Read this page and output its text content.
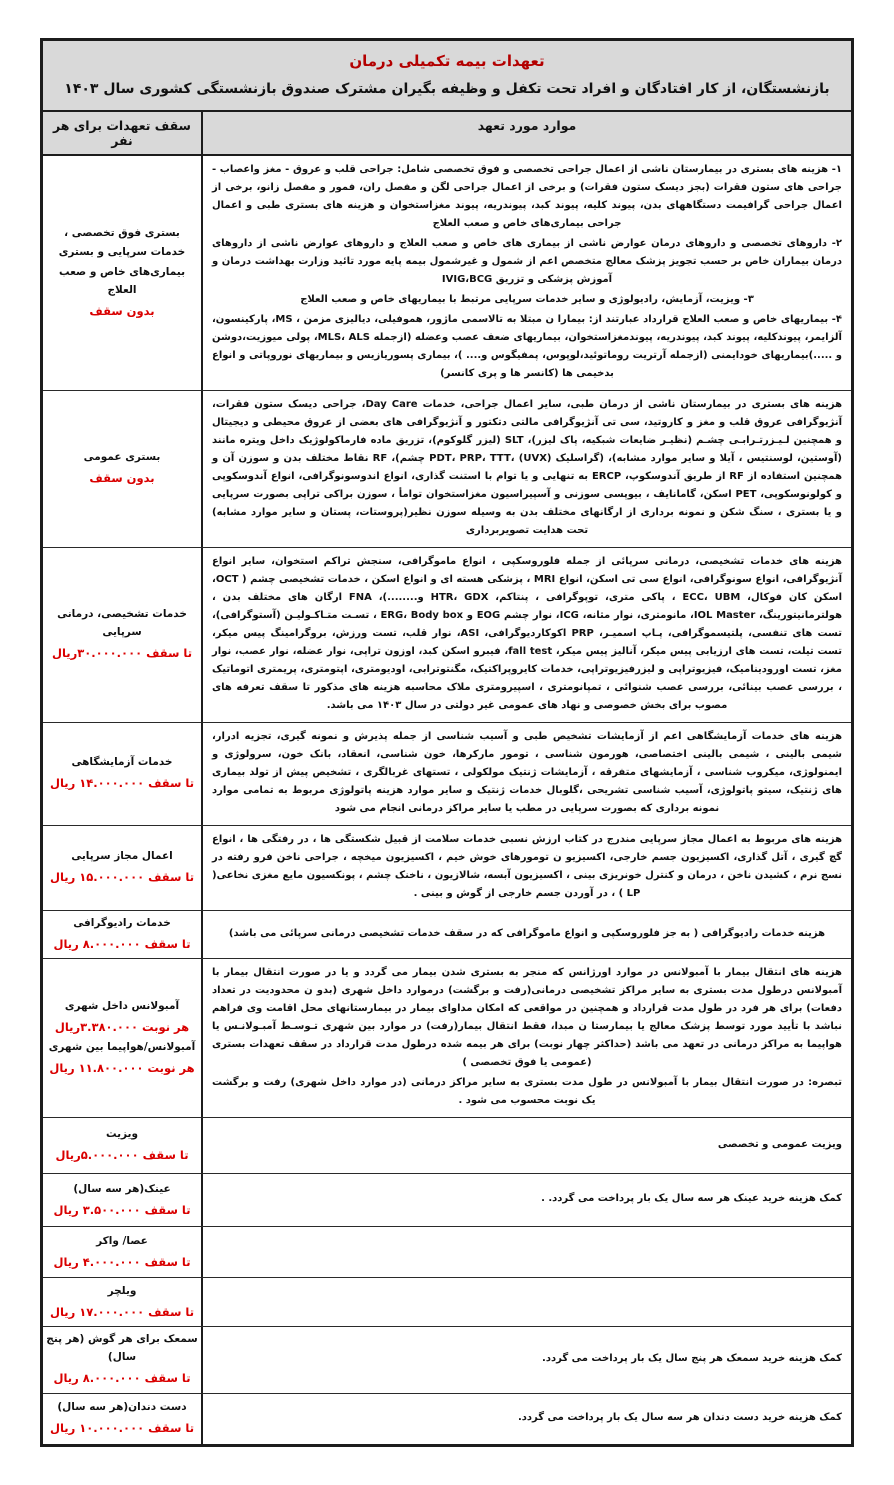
تعهدات بیمه تکمیلی درمان
بازنشستگان، از کار افتادگان و افراد تحت تکفل و وظیفه بگیران مشترک صندوق بازنشستگی کشوری سال ۱۴۰۳
موارد مورد تعهد
سقف تعهدات برای هر نفر

۱- هزینه های بستری در بیمارستان ناشی از اعمال جراحی تخصصی و فوق تخصصی شامل: جراحی قلب و عروق - مغز واعصاب - جراحی های ستون فقرات (بجز دیسک ستون فقرات) و برخی از اعمال جراحی لگن و مفصل ران، فمور و مفصل زانو، برخی از اعمال جراحی گرافیمت دستگاههای بدن، پیوند کلیه، پیوند کبد، پیوندریه، پیوند مغزاستخوان و هزینه های بستری طبی و اعمال جراحی بیماری‌های خاص و صعب العلاج

۲- داروهای تخصصی و داروهای درمان عوارض ناشی از بیماری های خاص و صعب العلاج و داروهای عوارض ناشی از داروهای درمان بیماران خاص بر حسب تجویز پزشک معالج متخصص اعم از شمول و غیرشمول بیمه پایه مورد تائید وزارت بهداشت درمان و آموزش پزشکی و تزریق IVIG،BCG

۳- ویزیت، آزمایش، رادیولوژی و سایر خدمات سرپایی مرتبط با بیماریهای خاص و صعب العلاج

۴- بیماریهای خاص و صعب العلاج قرارداد عبارتند از: بیمارا ن مبتلا به تالاسمی ماژور، هموفیلی، دیالیزی مزمن ، MS، پارکینسون، آلزایمر، پیوندکلیه، پیوند کبد، پیوندریه، پیوندمغزاستخوان، بیماریهای ضعف عصب وعضله (ازجمله MLS، ALS، پولی میوزیت،دوشن و .....)بیماریهای خودایمنی (ازجمله آرتریت روماتوئید،لوپوس، پمفیگوس و.... )، بیماری پسوریازیس و بیماریهای نوروپاتی و انواع بدخیمی ها (کانسر ها و پری کانسر)

بستری فوق تخصصی ،
خدمات سرپایی و بستری
بیماری‌های خاص و صعب العلاج
بدون سقف

هزینه های بستری در بیمارستان ناشی از درمان طبی، سایر اعمال جراحی، خدمات Day Care، جراحی دیسک ستون فقرات، آنژیوگرافی عروق قلب و مغز و کاروتید، سی تی آنژیوگرافی مالتی دتکتور و آنژیوگرافی های بعضی از عروق محیطی و دیجیتال و همچنین لـیـزرتـرابـی چشـم (نظیـر ضایعات شبکیه، پاک لیزر)، SLT (لیزر گلوکوم)، تزریق ماده فارماکولوژیک داخل ویتره مانند (آوستین، لوسنتیس ، آیلا و سایر موارد مشابه)، (گراسلیک PDT، PRP، TTT، (UVX) چشم)، RF نقاط مختلف بدن و سوزن آن و همچنین استفاده از RF از طریق آندوسکوپ، ERCP به تنهایی و یا توام با استنت گذاری، انواع اندوسونوگرافی، انواع آندوسکوپی و کولونوسکوپی، PET اسکن، گامانایف ، بیوپسی سوزنی و آسپیراسیون مغزاستخوان توامأ ، سوزن براکی تراپی بصورت سرپایی و یا بستری ، سنگ شکن و نمونه برداری از ارگانهای مختلف بدن به وسیله سوزن نظیر(پروستات، پستان و سایر موارد مشابه) تحت هدایت تصویربرداری

بستری عمومی
بدون سقف

هزینه های خدمات تشخیصی، درمانی سرپائی از جمله فلوروسکپی ، انواع ماموگرافی، سنجش تراکم استخوان، سایر انواع آنژیوگرافی، انواع سونوگرافی، انواع سی تی اسکن، انواع MRI ، پزشکی هسته ای و انواع اسکن ، خدمات تشخیصی چشم ( OCT، اسکن کان فوکال، ECC، UBM ، پاکی متری، توپوگرافی ، پنتاکم، HTR، GDX و........)، FNA ارگان های مختلف بدن ، هولترمانیتورینگ، IOL Master، مانومتری، نوار مثانه، ICG، نوار چشم EOG و ERG، Body box ، تسـت متـاکـولیـن (آستوگرافی)، تست های تنفسی، پلتیسموگرافی، پـاپ اسمیـر، PRP اکوکاردیوگرافی، ASI، نوار قلب، تست ورزش، بروگرامینگ پیس میکر، تست تیلت، تست های ارزیابی پیس میکر، آنالیز پیس میکر، fall test، فیبرو اسکن کبد، اوزون تراپی، نوار عضله، نوار عصب، نوار مغز، تست اورودینامیک، فیزیوتراپی و لیزرفیزیوتراپی، خدمات کایروپراکتیک، مگنتوترابی، اودیومتری، اپتومتری، پریمتری اتوماتیک ، بررسی عصب بینائی، بررسی عصب شنوائی ، تمپانومتری ، اسپیرومتری ملاک محاسبه هزینه های مذکور تا سقف تعرفه های مصوب برای بخش خصوصی و نهاد های عمومی غیر دولتی در سال ۱۴۰۳ می باشد.

خدمات تشخیصی، درمانی سرپایی
تا سقف ۳۰.۰۰۰.۰۰۰ریال

هزینه های خدمات آزمایشگاهی اعم از آزمایشات تشخیص طبی و آسیب شناسی از جمله پذیرش و نمونه گیری، تجزیه ادرار، شیمی بالینی ، شیمی بالینی اختصاصی، هورمون شناسی ، تومور مارکرها، خون شناسی، انعقاد، بانک خون، سرولوژی و ایمنولوژی، میکروب شناسی ، آزمایشهای متفرقه ، آزمایشات ژنتیک مولکولی ، تستهای غربالگری ، تشخیص پیش از تولد بیماری های ژنتیک، سیتو پاتولوژی، آسیب شناسی تشریحی ،گلوبال خدمات ژنتیک و سایر موارد هزینه پاتولوژی مربوط به تمامی موارد نمونه برداری که بصورت سرپایی در مطب یا سایر مراکز درمانی انجام می شود

خدمات آزمایشگاهی
تا سقف ۱۴.۰۰۰.۰۰۰ ریال

هزینه های مربوط به اعمال مجاز سرپایی مندرج در کتاب ارزش نسبی خدمات سلامت از قبیل شکستگی ها ، در رفتگی ها ، انواع گچ گیری ، آتل گذاری، اکسیزیون جسم خارجی، اکسیزیو ن تومورهای خوش خیم ، اکسیزیون میخچه ، جراحی ناخن فرو رفته در نسج نرم ، کشیدن ناخن ، درمان و کنترل خونریزی بینی ، اکسیزیون آبسه، شالازیون ، ناخنک چشم ، پونکسیون مایع مغزی نخاعی( LP ) ، در آوردن جسم خارجی از گوش و بینی .

اعمال مجاز سرپایی
تا سقف ۱۵.۰۰۰.۰۰۰ ریال

هزینه خدمات رادیوگرافی ( به جز فلوروسکپی و انواع ماموگرافی که در سقف خدمات تشخیصی درمانی سرپائی می باشد)

خدمات رادیوگرافی
تا سقف ۸.۰۰۰.۰۰۰ ریال

هزینه های انتقال بیمار با آمبولانس در موارد اورژانس که منجر به بستری شدن بیمار می گردد و یا در صورت انتقال بیمار با آمبولانس درطول مدت بستری به سایر مراکز تشخیصی درمانی(رفت و برگشت) درموارد داخل شهری (بدو ن محدودیت در تعداد دفعات) برای هر فرد در طول مدت قرارداد و همچنین در مواقعی که امکان مداوای بیمار در بیمارستانهای محل اقامت وی فراهم نباشد با تأیید مورد توسط پزشک معالج یا بیمارستا ن مبدا، فقط انتقال بیمار(رفت) در موارد بین شهری تـوسـط آمبـولانـس یا هواپیما به مراکز درمانی در تعهد می باشد (حداکثر چهار نوبت) برای هر بیمه شده درطول مدت قرارداد در سقف تعهدات بستری (عمومی یا فوق تخصصی )

تبصره: در صورت انتقال بیمار با آمبولانس در طول مدت بستری به سایر مراکز درمانی (در موارد داخل شهری) رفت و برگشت یک نوبت محسوب می شود .

آمبولانس داخل شهری
هر نوبت ۳.۳۸۰.۰۰۰ریال
آمبولانس/هواپیما بین شهری
هر نوبت ۱۱.۸۰۰.۰۰۰ ریال

ویزیت عمومی و تخصصی

ویزیت
تا سقف ۵.۰۰۰.۰۰۰ریال

کمک هزینه خرید عینک هر سه سال یک بار پرداخت می گردد. .

عینک(هر سه سال)
تا سقف ۳.۵۰۰.۰۰۰ ریال
عصا/ واکر
تا سقف ۴.۰۰۰.۰۰۰ ریال
ویلچر
تا سقف ۱۷.۰۰۰.۰۰۰ ریال

کمک هزینه خرید سمعک هر پنج سال یک بار پرداخت می گردد.

سمعک برای هر گوش (هر پنج سال)
تا سقف ۸.۰۰۰.۰۰۰ ریال

کمک هزینه خرید دست دندان هر سه سال یک بار پرداخت می گردد.

دست دندان(هر سه سال)
تا سقف ۱۰.۰۰۰.۰۰۰ ریال
